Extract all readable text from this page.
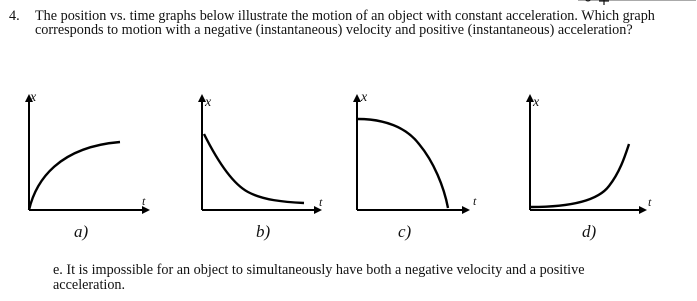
4. The position vs. time graphs below illustrate the motion of an object with constant acceleration. Which graph corresponds to motion with a negative (instantaneous) velocity and positive (instantaneous) acceleration?
x
t
a)
x
t
b)
x
t
c)
x
t
d)
e. It is impossible for an object to simultaneously have both a negative velocity and a positive acceleration.
